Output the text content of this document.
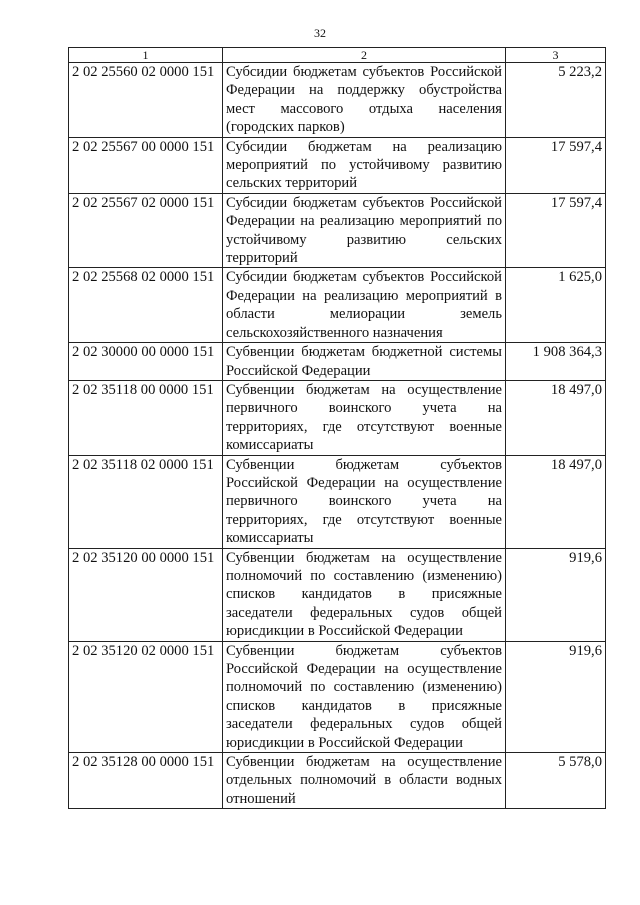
32
1	2	3
2 02 25560 02 0000 151	Субсидии бюджетам субъектов Российской Федерации на поддержку обустройства мест массового отдыха населения (городских парков)	5 223,2
2 02 25567 00 0000 151	Субсидии бюджетам на реализацию мероприятий по устойчивому развитию сельских территорий	17 597,4
2 02 25567 02 0000 151	Субсидии бюджетам субъектов Российской Федерации на реализацию мероприятий по устойчивому развитию сельских территорий	17 597,4
2 02 25568 02 0000 151	Субсидии бюджетам субъектов Российской Федерации на реализацию мероприятий в области мелиорации земель сельскохозяйственного назначения	1 625,0
2 02 30000 00 0000 151	Субвенции бюджетам бюджетной системы Российской Федерации	1 908 364,3
2 02 35118 00 0000 151	Субвенции бюджетам на осуществление первичного воинского учета на территориях, где отсутствуют военные комиссариаты	18 497,0
2 02 35118 02 0000 151	Субвенции бюджетам субъектов Российской Федерации на осуществление первичного воинского учета на территориях, где отсутствуют военные комиссариаты	18 497,0
2 02 35120 00 0000 151	Субвенции бюджетам на осуществление полномочий по составлению (изменению) списков кандидатов в присяжные заседатели федеральных судов общей юрисдикции в Российской Федерации	919,6
2 02 35120 02 0000 151	Субвенции бюджетам субъектов Российской Федерации на осуществление полномочий по составлению (изменению) списков кандидатов в присяжные заседатели федеральных судов общей юрисдикции в Российской Федерации	919,6
2 02 35128 00 0000 151	Субвенции бюджетам на осуществление отдельных полномочий в области водных отношений	5 578,0
